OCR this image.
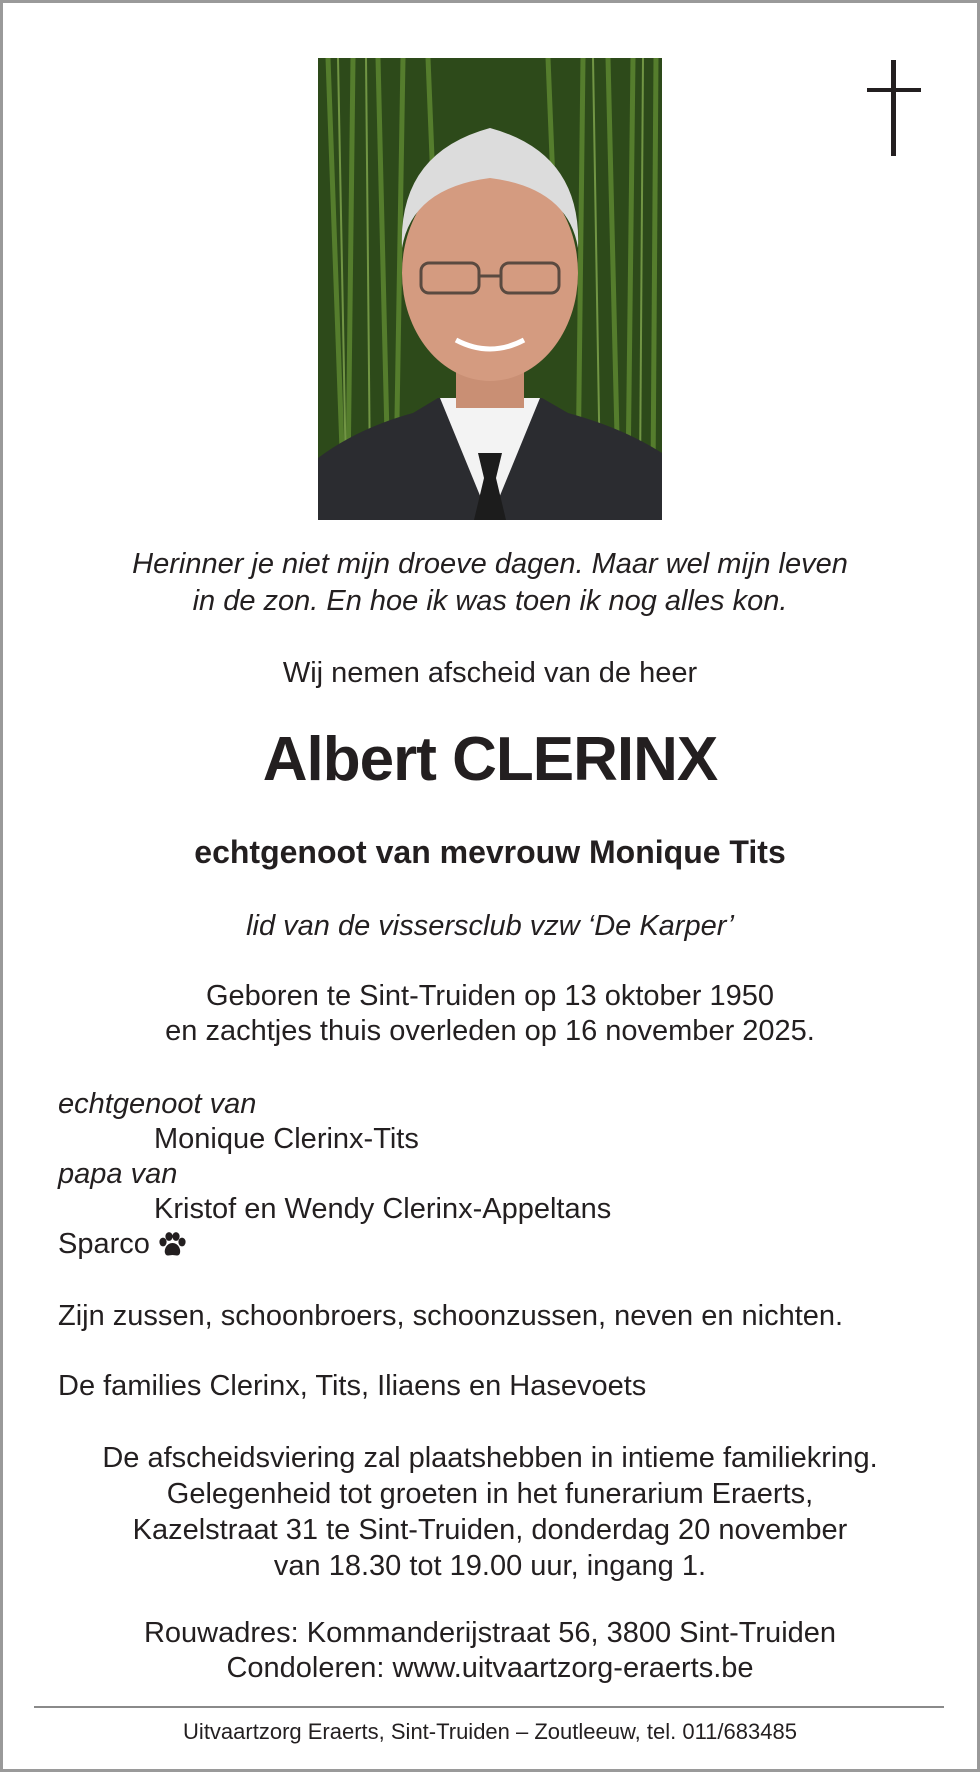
Herinner je niet mijn droeve dagen. Maar wel mijn leven
in de zon. En hoe ik was toen ik nog alles kon.
Wij nemen afscheid van de heer
Albert CLERINX
echtgenoot van mevrouw Monique Tits
lid van de vissersclub vzw ‘De Karper’
Geboren te Sint-Truiden op 13 oktober 1950
en zachtjes thuis overleden op 16 november 2025.
echtgenoot van
Monique Clerinx-Tits
papa van
Kristof en Wendy Clerinx-Appeltans
Sparco
Zijn zussen, schoonbroers, schoonzussen, neven en nichten.
De families Clerinx, Tits, Iliaens en Hasevoets
De afscheidsviering zal plaatshebben in intieme familiekring.
Gelegenheid tot groeten in het funerarium Eraerts,
Kazelstraat 31 te Sint-Truiden, donderdag 20 november
van 18.30 tot 19.00 uur, ingang 1.
Rouwadres: Kommanderijstraat 56, 3800 Sint-Truiden
Condoleren: www.uitvaartzorg-eraerts.be
Uitvaartzorg Eraerts, Sint-Truiden – Zoutleeuw, tel. 011/683485
